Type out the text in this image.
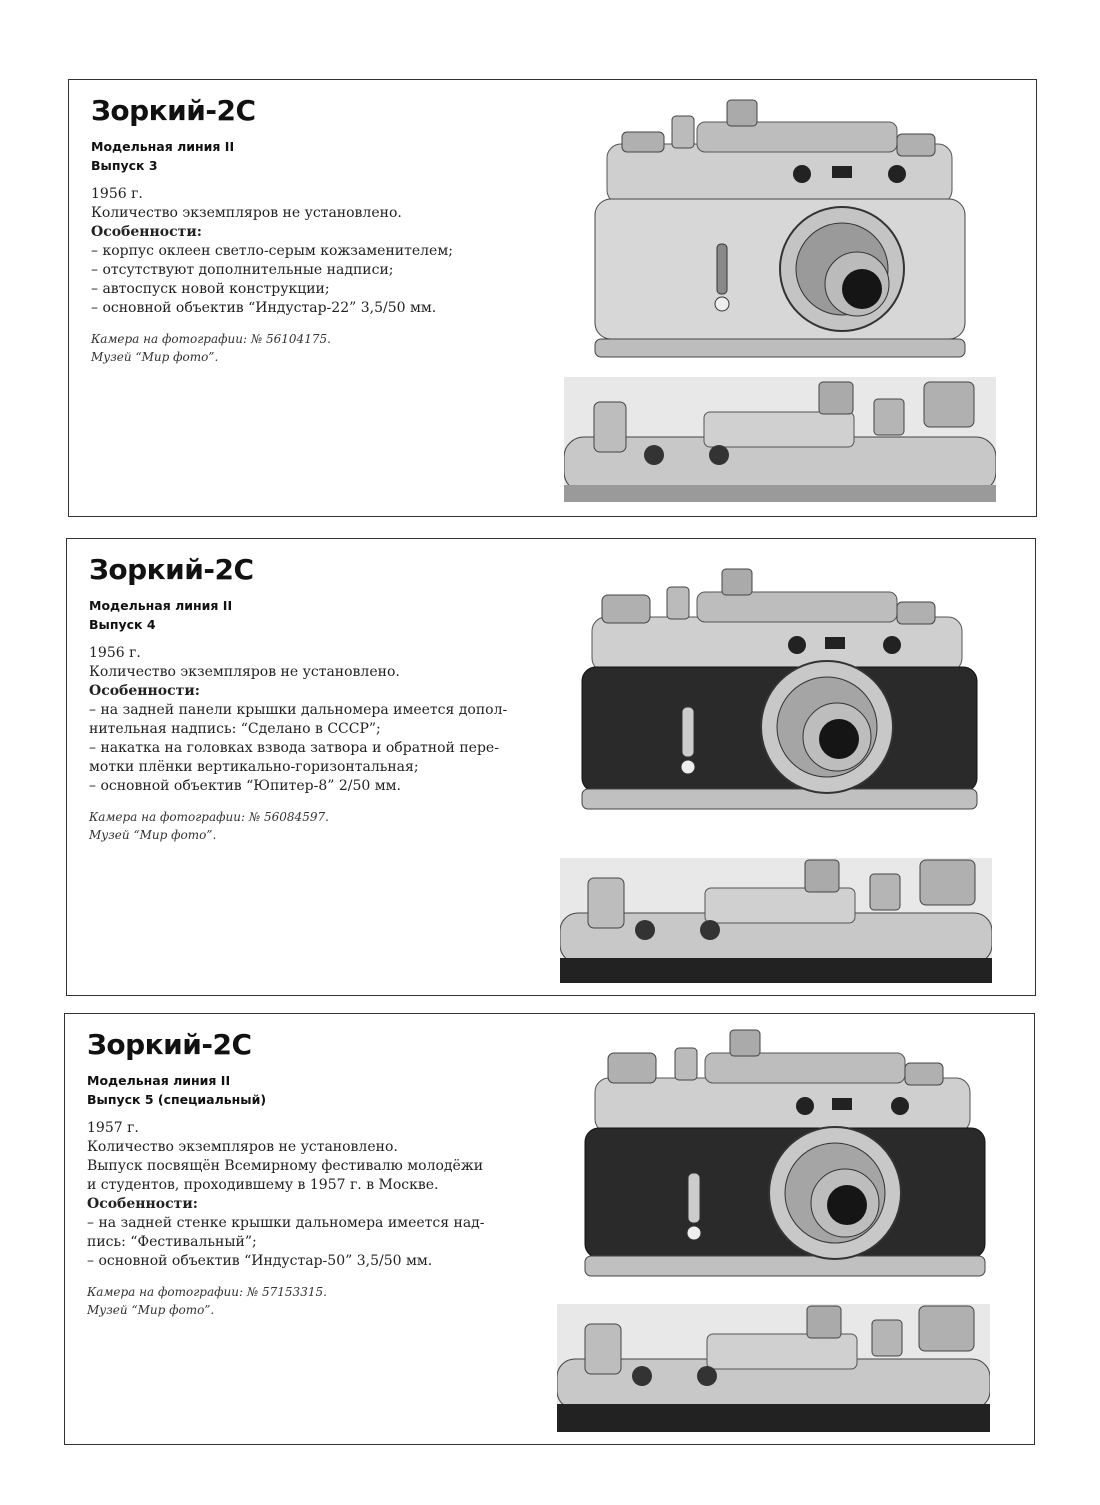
Зоркий-2С
Модельная линия II
Выпуск 3
1956 г.
Количество экземпляров не установлено.
Особенности:
– корпус оклеен светло-серым кожзаменителем;
– отсутствуют дополнительные надписи;
– автоспуск новой конструкции;
– основной объектив “Индустар-22” 3,5/50 мм.
Камера на фотографии: № 56104175.
Музей “Мир фото”.
Зоркий-2С
Модельная линия II
Выпуск 4
1956 г.
Количество экземпляров не установлено.
Особенности:
– на задней панели крышки дальномера имеется допол-
нительная надпись: “Сделано в СССР”;
– накатка на головках взвода затвора и обратной пере-
мотки плёнки вертикально-горизонтальная;
– основной объектив “Юпитер-8” 2/50 мм.
Камера на фотографии: № 56084597.
Музей “Мир фото”.
Зоркий-2С
Модельная линия II
Выпуск 5 (специальный)
1957 г.
Количество экземпляров не установлено.
Выпуск посвящён Всемирному фестивалю молодёжи
и студентов, проходившему в 1957 г. в Москве.
Особенности:
– на задней стенке крышки дальномера имеется над-
пись: “Фестивальный”;
– основной объектив “Индустар-50” 3,5/50 мм.
Камера на фотографии: № 57153315.
Музей “Мир фото”.
